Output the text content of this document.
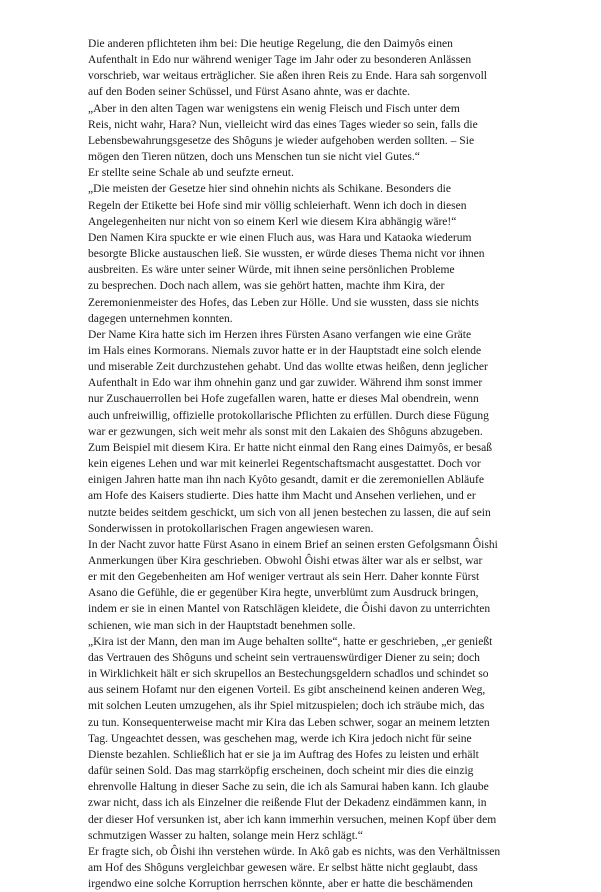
Die anderen pflichteten ihm bei: Die heutige Regelung, die den Daimyôs einen
Aufenthalt in Edo nur während weniger Tage im Jahr oder zu besonderen Anlässen
vorschrieb, war weitaus erträglicher. Sie aßen ihren Reis zu Ende. Hara sah sorgenvoll
auf den Boden seiner Schüssel, und Fürst Asano ahnte, was er dachte.
„Aber in den alten Tagen war wenigstens ein wenig Fleisch und Fisch unter dem
Reis, nicht wahr, Hara? Nun, vielleicht wird das eines Tages wieder so sein, falls die
Lebensbewahrungsgesetze des Shôguns je wieder aufgehoben werden sollten. – Sie
mögen den Tieren nützen, doch uns Menschen tun sie nicht viel Gutes.“
Er stellte seine Schale ab und seufzte erneut.
„Die meisten der Gesetze hier sind ohnehin nichts als Schikane. Besonders die
Regeln der Etikette bei Hofe sind mir völlig schleierhaft. Wenn ich doch in diesen
Angelegenheiten nur nicht von so einem Kerl wie diesem Kira abhängig wäre!“
Den Namen Kira spuckte er wie einen Fluch aus, was Hara und Kataoka wiederum
besorgte Blicke austauschen ließ. Sie wussten, er würde dieses Thema nicht vor ihnen
ausbreiten. Es wäre unter seiner Würde, mit ihnen seine persönlichen Probleme
zu besprechen. Doch nach allem, was sie gehört hatten, machte ihm Kira, der
Zeremonienmeister des Hofes, das Leben zur Hölle. Und sie wussten, dass sie nichts
dagegen unternehmen konnten.
Der Name Kira hatte sich im Herzen ihres Fürsten Asano verfangen wie eine Gräte
im Hals eines Kormorans. Niemals zuvor hatte er in der Hauptstadt eine solch elende
und miserable Zeit durchzustehen gehabt. Und das wollte etwas heißen, denn jeglicher
Aufenthalt in Edo war ihm ohnehin ganz und gar zuwider. Während ihm sonst immer
nur Zuschauerrollen bei Hofe zugefallen waren, hatte er dieses Mal obendrein, wenn
auch unfreiwillig, offizielle protokollarische Pflichten zu erfüllen. Durch diese Fügung
war er gezwungen, sich weit mehr als sonst mit den Lakaien des Shôguns abzugeben.
Zum Beispiel mit diesem Kira. Er hatte nicht einmal den Rang eines Daimyôs, er besaß
kein eigenes Lehen und war mit keinerlei Regentschaftsmacht ausgestattet. Doch vor
einigen Jahren hatte man ihn nach Kyôto gesandt, damit er die zeremoniellen Abläufe
am Hofe des Kaisers studierte. Dies hatte ihm Macht und Ansehen verliehen, und er
nutzte beides seitdem geschickt, um sich von all jenen bestechen zu lassen, die auf sein
Sonderwissen in protokollarischen Fragen angewiesen waren.
In der Nacht zuvor hatte Fürst Asano in einem Brief an seinen ersten Gefolgsmann Ôishi
Anmerkungen über Kira geschrieben. Obwohl Ôishi etwas älter war als er selbst, war
er mit den Gegebenheiten am Hof weniger vertraut als sein Herr. Daher konnte Fürst
Asano die Gefühle, die er gegenüber Kira hegte, unverblümt zum Ausdruck bringen,
indem er sie in einen Mantel von Ratschlägen kleidete, die Ôishi davon zu unterrichten
schienen, wie man sich in der Hauptstadt benehmen solle.
„Kira ist der Mann, den man im Auge behalten sollte“, hatte er geschrieben, „er genießt
das Vertrauen des Shôguns und scheint sein vertrauenswürdiger Diener zu sein; doch
in Wirklichkeit hält er sich skrupellos an Bestechungsgeldern schadlos und schindet so
aus seinem Hofamt nur den eigenen Vorteil. Es gibt anscheinend keinen anderen Weg,
mit solchen Leuten umzugehen, als ihr Spiel mitzuspielen; doch ich sträube mich, das
zu tun. Konsequenterweise macht mir Kira das Leben schwer, sogar an meinem letzten
Tag. Ungeachtet dessen, was geschehen mag, werde ich Kira jedoch nicht für seine
Dienste bezahlen. Schließlich hat er sie ja im Auftrag des Hofes zu leisten und erhält
dafür seinen Sold. Das mag starrköpfig erscheinen, doch scheint mir dies die einzig
ehrenvolle Haltung in dieser Sache zu sein, die ich als Samurai haben kann. Ich glaube
zwar nicht, dass ich als Einzelner die reißende Flut der Dekadenz eindämmen kann, in
der dieser Hof versunken ist, aber ich kann immerhin versuchen, meinen Kopf über dem
schmutzigen Wasser zu halten, solange mein Herz schlägt.“
Er fragte sich, ob Ôishi ihn verstehen würde. In Akô gab es nichts, was den Verhältnissen
am Hof des Shôguns vergleichbar gewesen wäre. Er selbst hätte nicht geglaubt, dass
irgendwo eine solche Korruption herrschen könnte, aber er hatte die beschämenden
